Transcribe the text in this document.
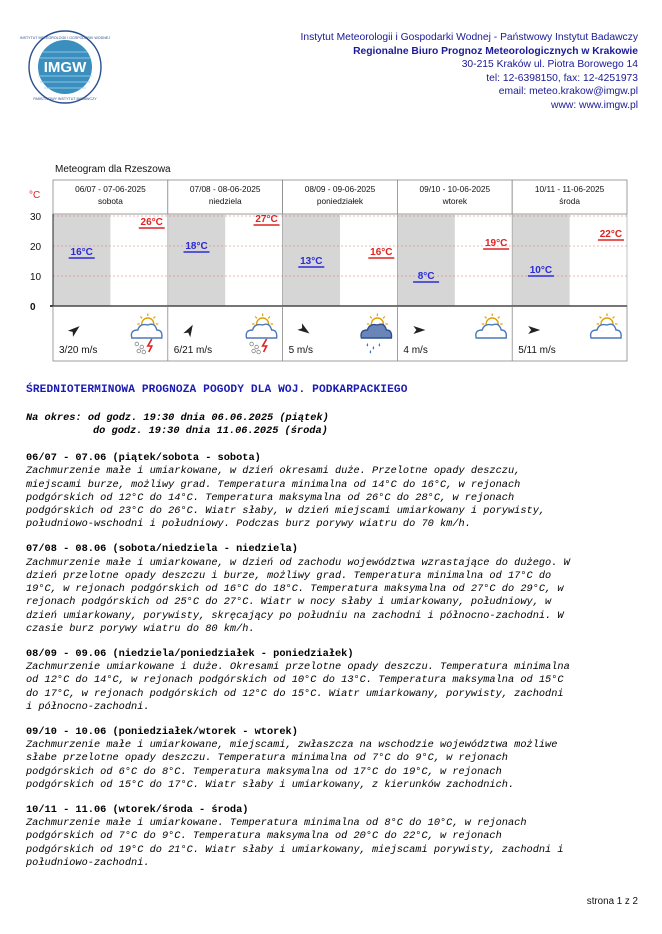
IMGW
INSTYTUT METEOROLOGII I GOSPODARKI WODNEJ
PAŃSTWOWY INSTYTUT BADAWCZY
Instytut Meteorologii i Gospodarki Wodnej - Państwowy Instytut Badawczy
Regionalne Biuro Prognoz Meteorologicznych w Krakowie
30-215 Kraków ul. Piotra Borowego 14
tel: 12-6398150, fax: 12-4251973
email: meteo.krakow@imgw.pl
www: www.imgw.pl
Meteogram dla Rzeszowa
°C
30
20
10
0
06/07 - 07-06-2025
sobota
07/08 - 08-06-2025
niedziela
08/09 - 09-06-2025
poniedziałek
09/10 - 10-06-2025
wtorek
10/11 - 11-06-2025
środa
16°C
26°C
18°C
27°C
13°C
16°C
8°C
19°C
10°C
22°C
3/20 m/s	6/21 m/s	5 m/s	4 m/s	5/11 m/s
ŚREDNIOTERMINOWA PROGNOZA POGODY DLA WOJ. PODKARPACKIEGO
Na okres: od godz. 19:30 dnia 06.06.2025 (piątek)
do godz. 19:30 dnia 11.06.2025 (środa)
06/07 - 07.06 (piątek/sobota - sobota)
Zachmurzenie małe i umiarkowane, w dzień okresami duże. Przelotne opady deszczu,
miejscami burze, możliwy grad. Temperatura minimalna od 14°C do 16°C, w rejonach
podgórskich od 12°C do 14°C. Temperatura maksymalna od 26°C do 28°C, w rejonach
podgórskich od 23°C do 26°C. Wiatr słaby, w dzień miejscami umiarkowany i porywisty,
południowo-wschodni i południowy. Podczas burz porywy wiatru do 70 km/h.
07/08 - 08.06 (sobota/niedziela - niedziela)
Zachmurzenie małe i umiarkowane, w dzień od zachodu województwa wzrastające do dużego. W
dzień przelotne opady deszczu i burze, możliwy grad. Temperatura minimalna od 17°C do
19°C, w rejonach podgórskich od 16°C do 18°C. Temperatura maksymalna od 27°C do 29°C, w
rejonach podgórskich od 25°C do 27°C. Wiatr w nocy słaby i umiarkowany, południowy, w
dzień umiarkowany, porywisty, skręcający po południu na zachodni i północno-zachodni. W
czasie burz porywy wiatru do 80 km/h.
08/09 - 09.06 (niedziela/poniedziałek - poniedziałek)
Zachmurzenie umiarkowane i duże. Okresami przelotne opady deszczu. Temperatura minimalna
od 12°C do 14°C, w rejonach podgórskich od 10°C do 13°C. Temperatura maksymalna od 15°C
do 17°C, w rejonach podgórskich od 12°C do 15°C. Wiatr umiarkowany, porywisty, zachodni
i północno-zachodni.
09/10 - 10.06 (poniedziałek/wtorek - wtorek)
Zachmurzenie małe i umiarkowane, miejscami, zwłaszcza na wschodzie województwa możliwe
słabe przelotne opady deszczu. Temperatura minimalna od 7°C do 9°C, w rejonach
podgórskich od 6°C do 8°C. Temperatura maksymalna od 17°C do 19°C, w rejonach
podgórskich od 15°C do 17°C. Wiatr słaby i umiarkowany, z kierunków zachodnich.
10/11 - 11.06 (wtorek/środa - środa)
Zachmurzenie małe i umiarkowane. Temperatura minimalna od 8°C do 10°C, w rejonach
podgórskich od 7°C do 9°C. Temperatura maksymalna od 20°C do 22°C, w rejonach
podgórskich od 19°C do 21°C. Wiatr słaby i umiarkowany, miejscami porywisty, zachodni i
południowo-zachodni.
strona 1 z 2
